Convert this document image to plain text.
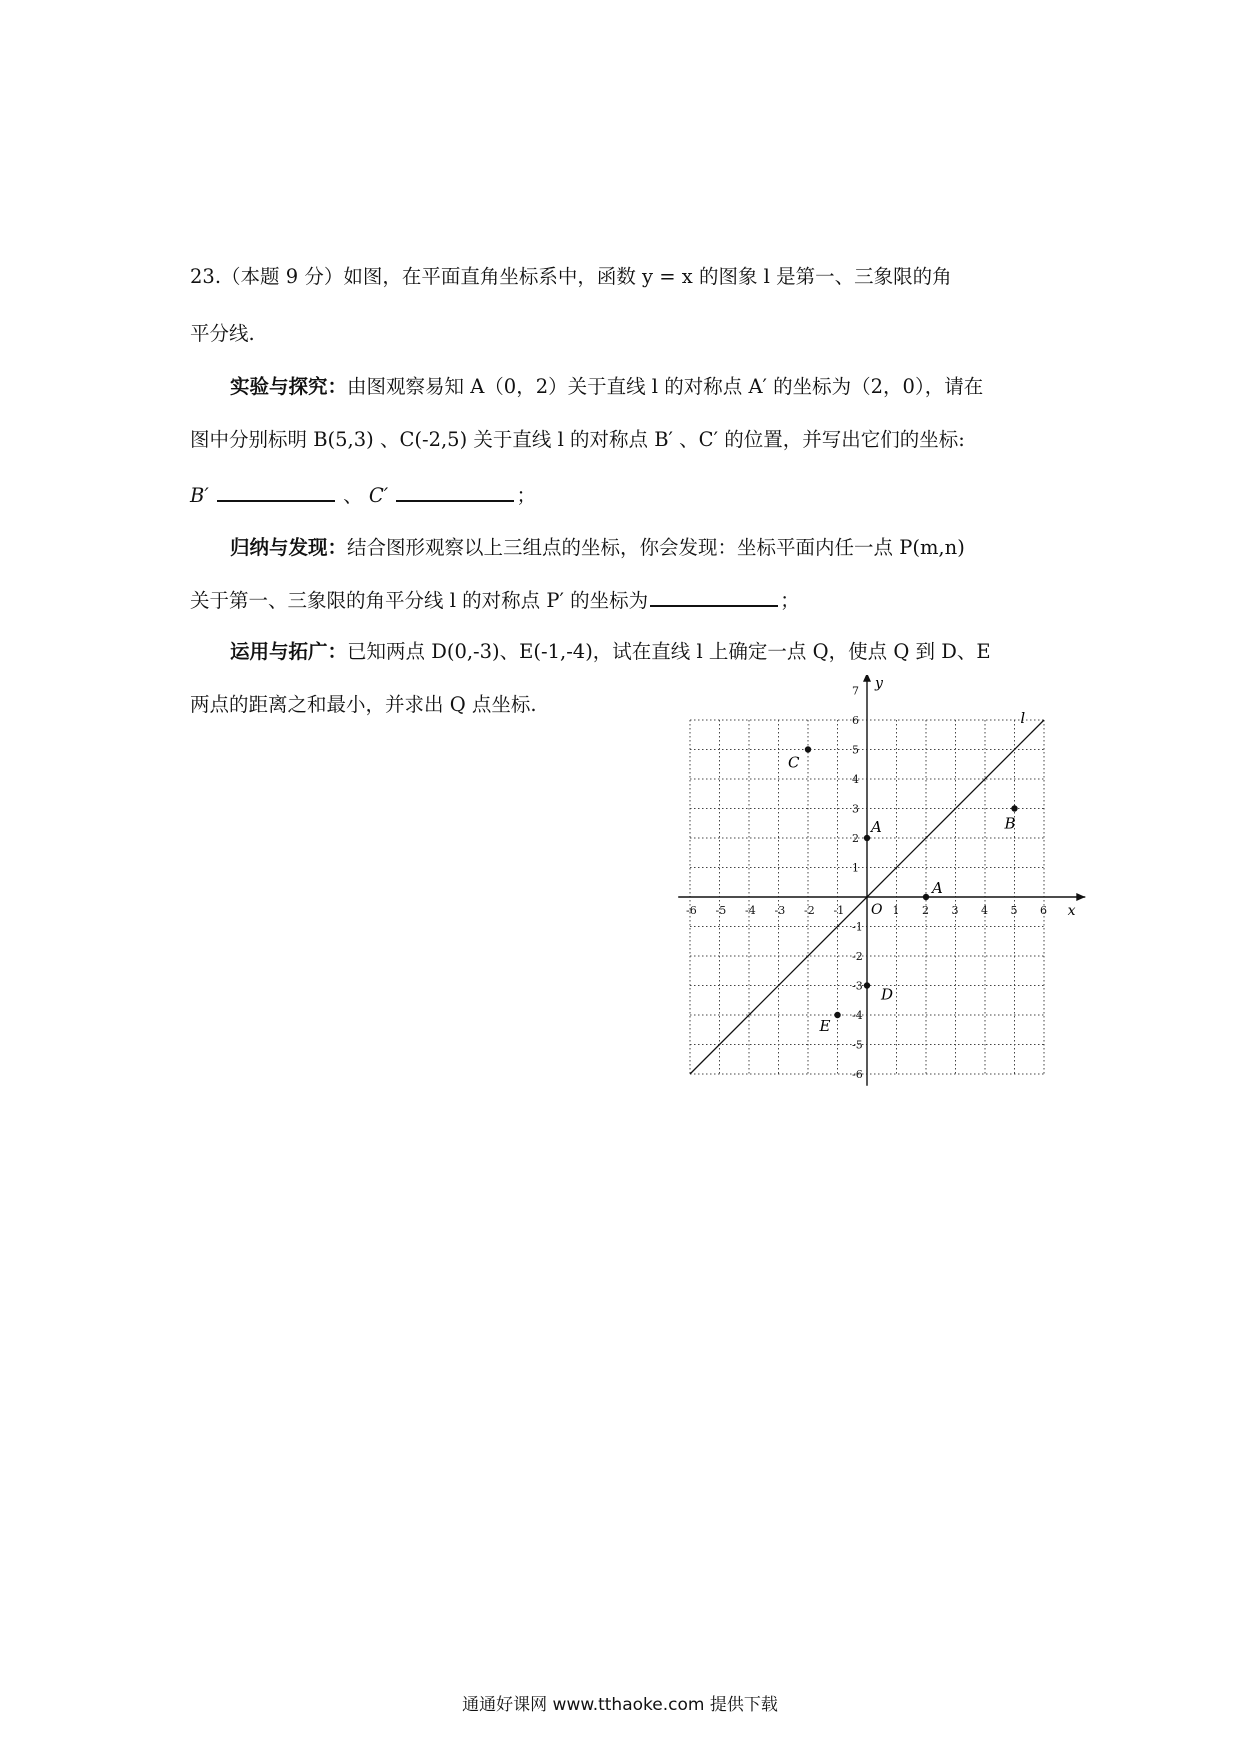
23.（本题 9 分）如图，在平面直角坐标系中，函数 y = x 的图象 l 是第一、三象限的角
平分线.
实验与探究：由图观察易知 A（0，2）关于直线 l 的对称点 A′ 的坐标为（2，0），请在
图中分别标明 B(5,3) 、C(-2,5) 关于直线 l 的对称点 B′ 、C′ 的位置，并写出它们的坐标:
B′	、 C′	；
归纳与发现：结合图形观察以上三组点的坐标，你会发现：坐标平面内任一点 P(m,n)
关于第一、三象限的角平分线 l 的对称点 P′ 的坐标为	；
运用与拓广：已知两点 D(0,-3)、E(-1,-4)，试在直线 l 上确定一点 Q，使点 Q 到 D、E
两点的距离之和最小，并求出 Q 点坐标.
-6 -5 -4 -3 -2 -1	1 2 3 4 5 6
-6
-5
-4
-3
-2
-1
1
2
3
4
5
6
7
x
y
O
l
C
B
A
A
D
E
通通好课网 www.tthaoke.com 提供下载
